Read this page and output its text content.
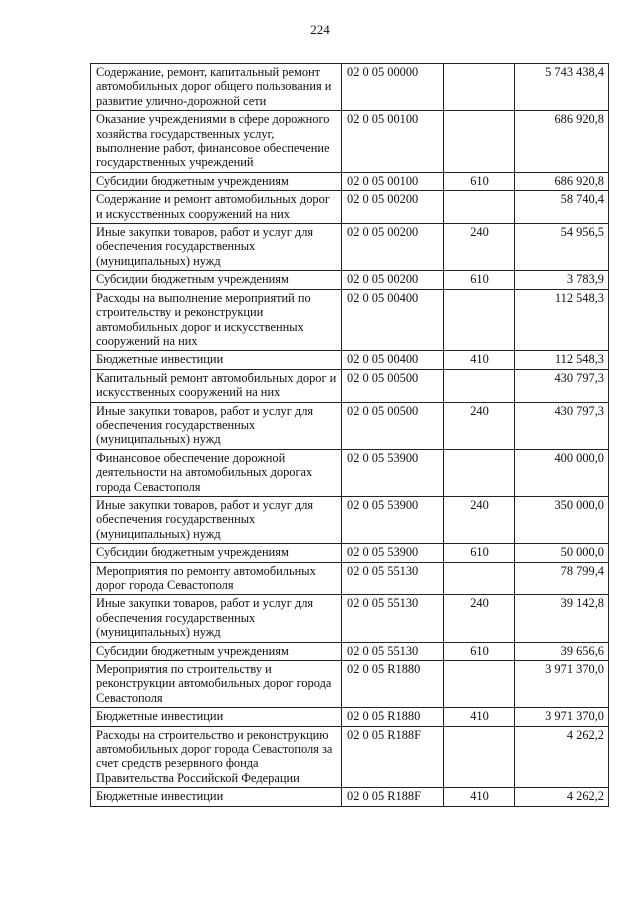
224
Содержание, ремонт, капитальный ремонт автомобильных дорог общего пользования и развитие улично-дорожной сети	02 0 05 00000		5 743 438,4
Оказание учреждениями в сфере дорожного хозяйства государственных услуг, выполнение работ, финансовое обеспечение государственных учреждений	02 0 05 00100		686 920,8
Субсидии бюджетным учреждениям	02 0 05 00100	610	686 920,8
Содержание и ремонт автомобильных дорог и искусственных сооружений на них	02 0 05 00200		58 740,4
Иные закупки товаров, работ и услуг для обеспечения государственных (муниципальных) нужд	02 0 05 00200	240	54 956,5
Субсидии бюджетным учреждениям	02 0 05 00200	610	3 783,9
Расходы на выполнение мероприятий по строительству и реконструкции автомобильных дорог и искусственных сооружений на них	02 0 05 00400		112 548,3
Бюджетные инвестиции	02 0 05 00400	410	112 548,3
Капитальный ремонт автомобильных дорог и искусственных сооружений на них	02 0 05 00500		430 797,3
Иные закупки товаров, работ и услуг для обеспечения государственных (муниципальных) нужд	02 0 05 00500	240	430 797,3
Финансовое обеспечение дорожной деятельности на автомобильных дорогах города Севастополя	02 0 05 53900		400 000,0
Иные закупки товаров, работ и услуг для обеспечения государственных (муниципальных) нужд	02 0 05 53900	240	350 000,0
Субсидии бюджетным учреждениям	02 0 05 53900	610	50 000,0
Мероприятия по ремонту автомобильных дорог города Севастополя	02 0 05 55130		78 799,4
Иные закупки товаров, работ и услуг для обеспечения государственных (муниципальных) нужд	02 0 05 55130	240	39 142,8
Субсидии бюджетным учреждениям	02 0 05 55130	610	39 656,6
Мероприятия по строительству и реконструкции автомобильных дорог города Севастополя	02 0 05 R1880		3 971 370,0
Бюджетные инвестиции	02 0 05 R1880	410	3 971 370,0
Расходы на строительство и реконструкцию автомобильных дорог города Севастополя за счет средств резервного фонда Правительства Российской Федерации	02 0 05 R188F		4 262,2
Бюджетные инвестиции	02 0 05 R188F	410	4 262,2
